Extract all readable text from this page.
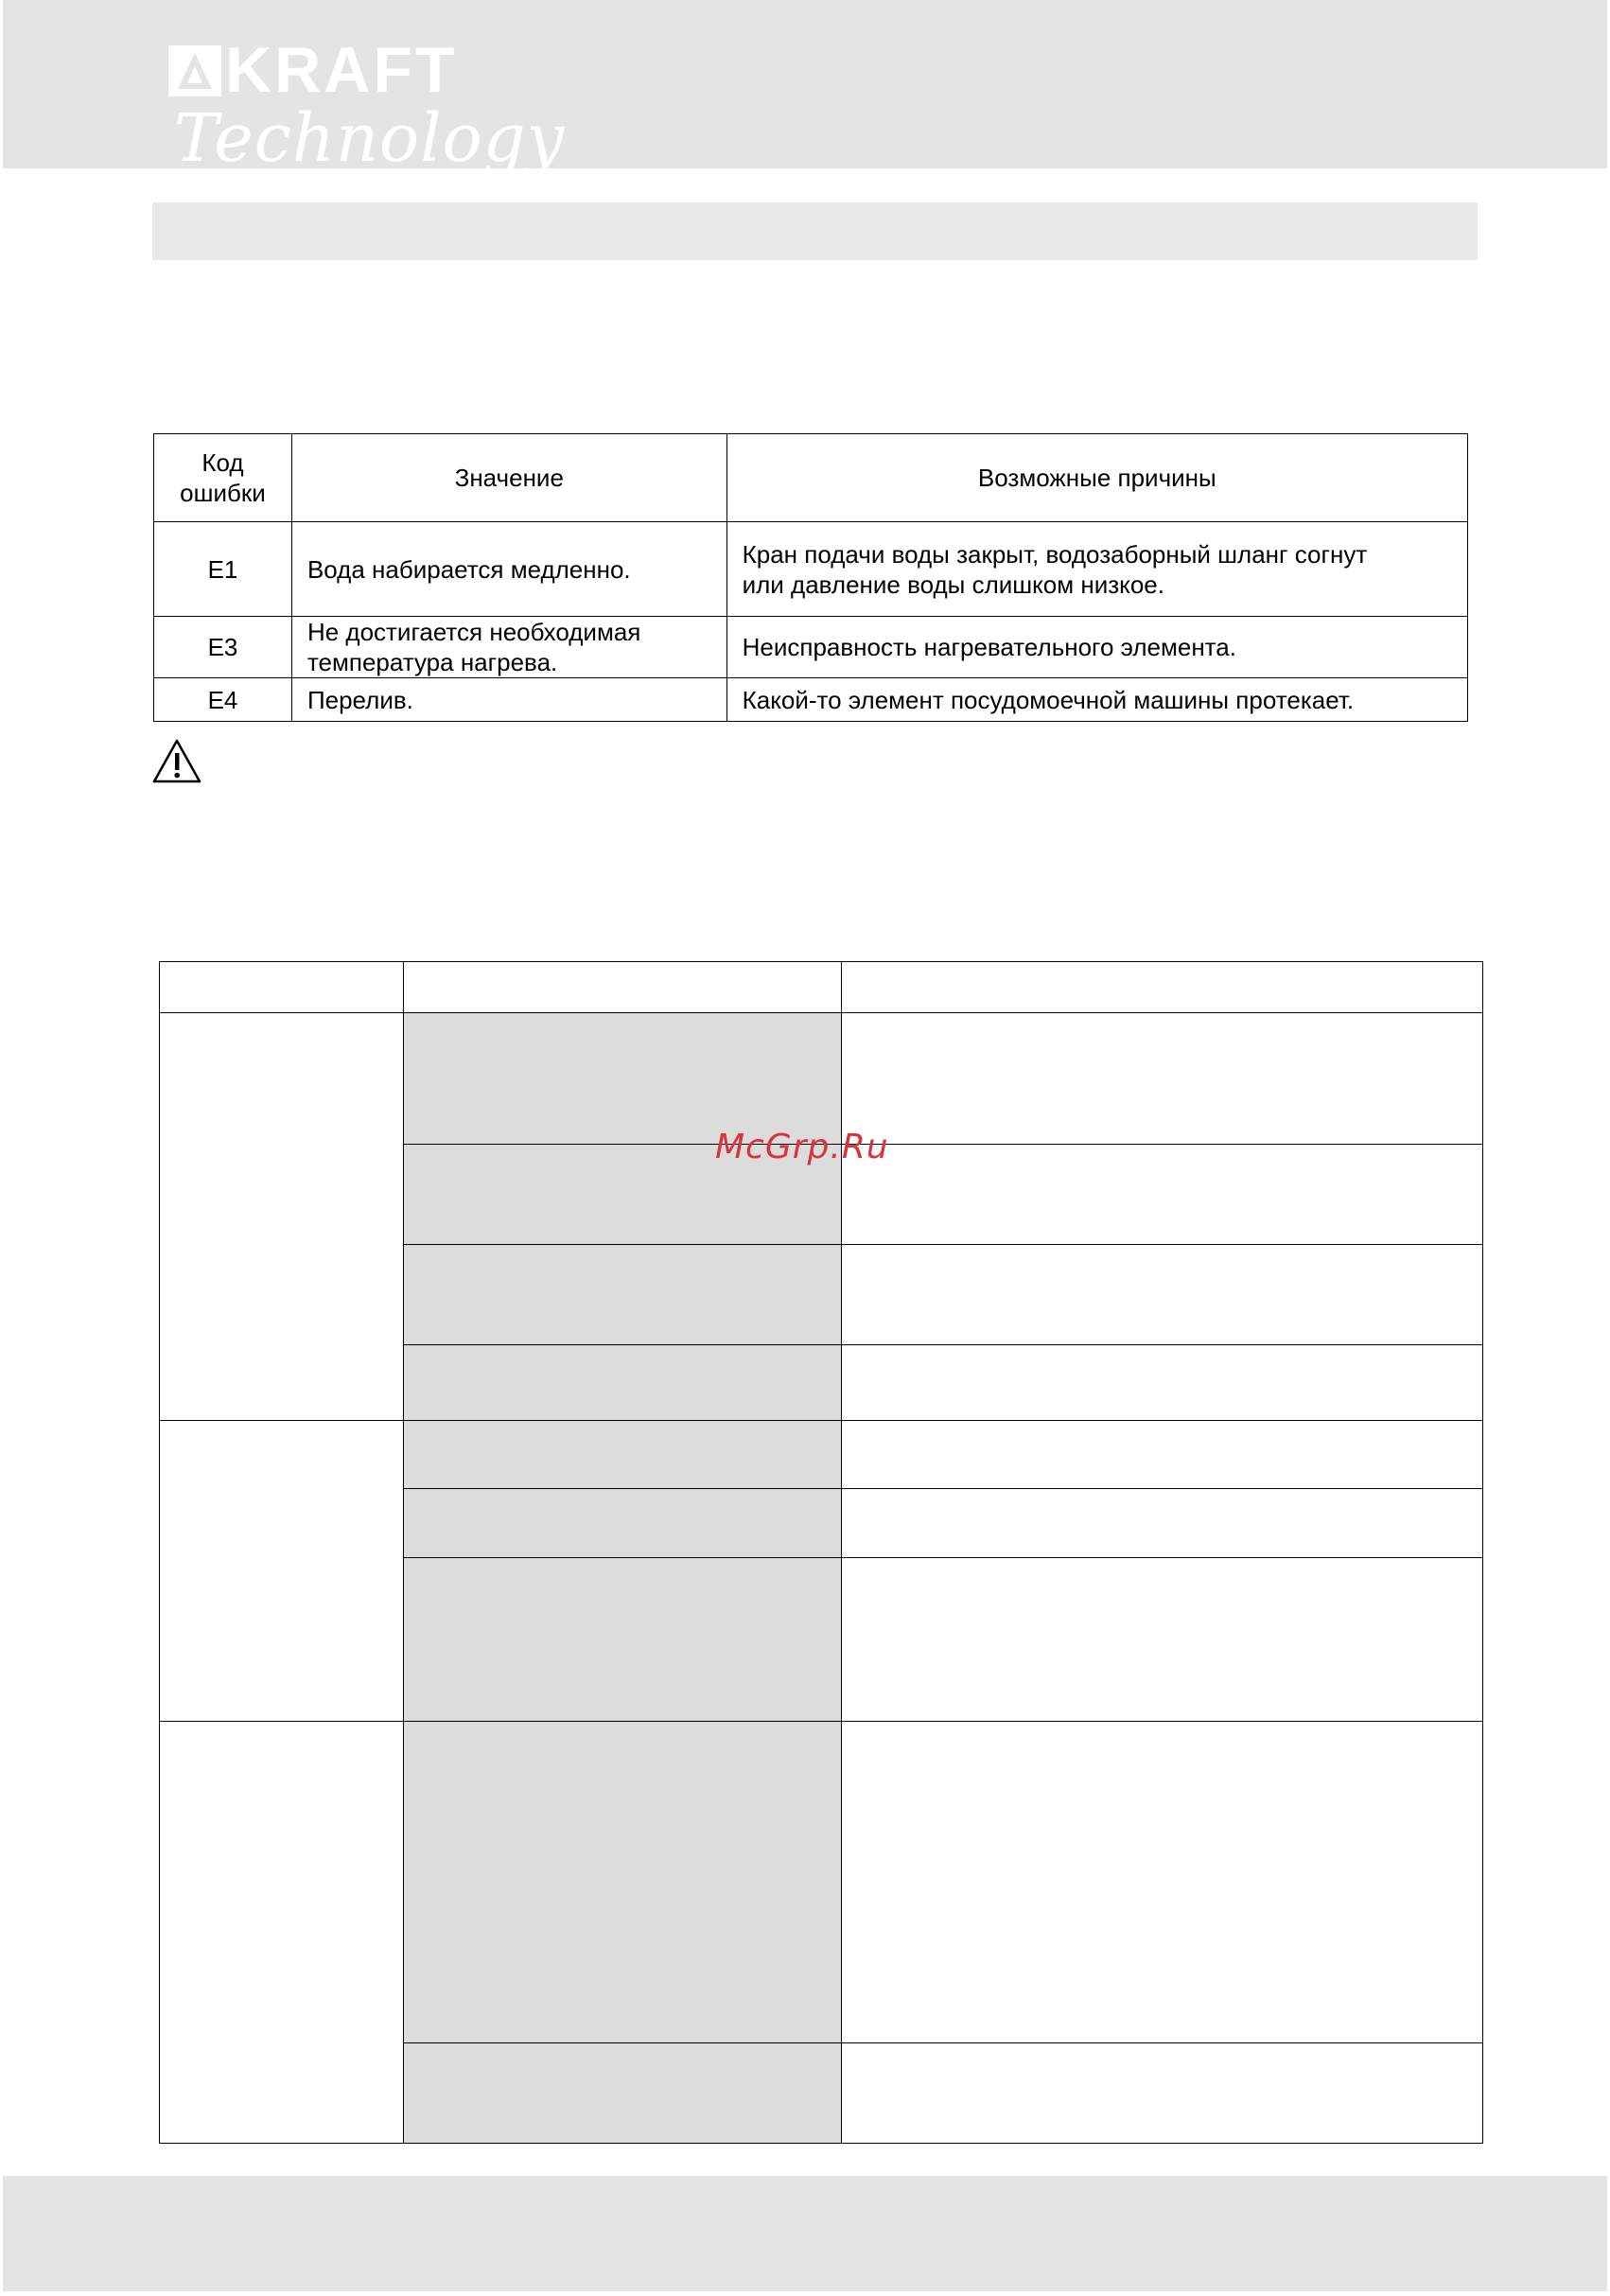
KRAFT
Technology
Код
ошибки	Значение	Возможные причины
E1	Вода набирается медленно.	Кран подачи воды закрыт, водозаборный шланг согнут
или давление воды слишком низкое.
E3	Не достигается необходимая
температура нагрева.	Неисправность нагревательного элемента.
E4	Перелив.	Какой-то элемент посудомоечной машины протекает.

McGrp.Ru
